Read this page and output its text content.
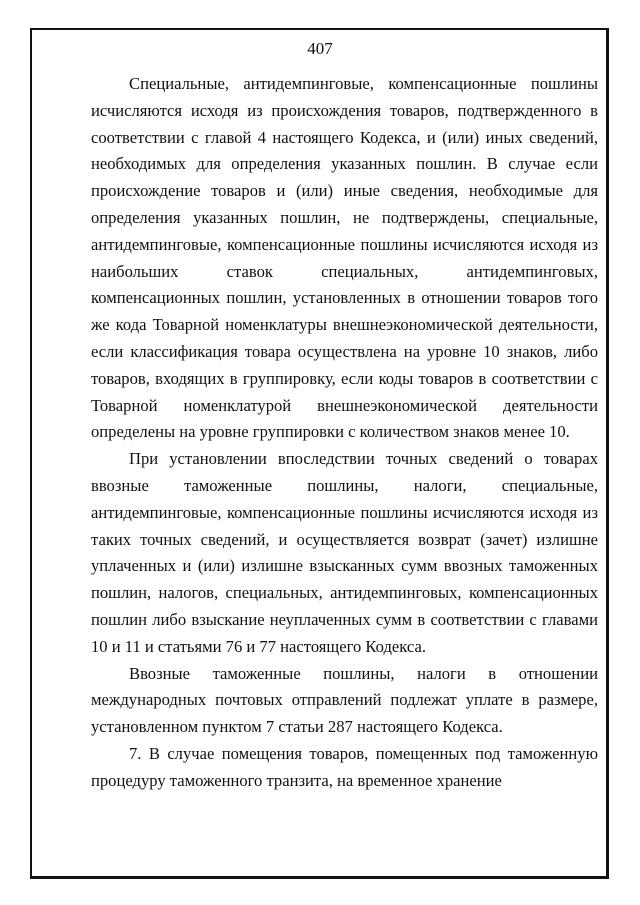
407

Специальные, антидемпинговые, компенсационные пошлины исчисляются исходя из происхождения товаров, подтвержденного в соответствии с главой 4 настоящего Кодекса, и (или) иных сведений, необходимых для определения указанных пошлин. В случае если происхождение товаров и (или) иные сведения, необходимые для определения указанных пошлин, не подтверждены, специальные, антидемпинговые, компенсационные пошлины исчисляются исходя из наибольших ставок специальных, антидемпинговых, компенсационных пошлин, установленных в отношении товаров того же кода Товарной номенклатуры внешнеэкономической деятельности, если классификация товара осуществлена на уровне 10 знаков, либо товаров, входящих в группировку, если коды товаров в соответствии с Товарной номенклатурой внешнеэкономической деятельности определены на уровне группировки с количеством знаков менее 10.

При установлении впоследствии точных сведений о товарах ввозные таможенные пошлины, налоги, специальные, антидемпинговые, компенсационные пошлины исчисляются исходя из таких точных сведений, и осуществляется возврат (зачет) излишне уплаченных и (или) излишне взысканных сумм ввозных таможенных пошлин, налогов, специальных, антидемпинговых, компенсационных пошлин либо взыскание неуплаченных сумм в соответствии с главами 10 и 11 и статьями 76 и 77 настоящего Кодекса.

Ввозные таможенные пошлины, налоги в отношении международных почтовых отправлений подлежат уплате в размере, установленном пунктом 7 статьи 287 настоящего Кодекса.

7. В случае помещения товаров, помещенных под таможенную процедуру таможенного транзита, на временное хранение
